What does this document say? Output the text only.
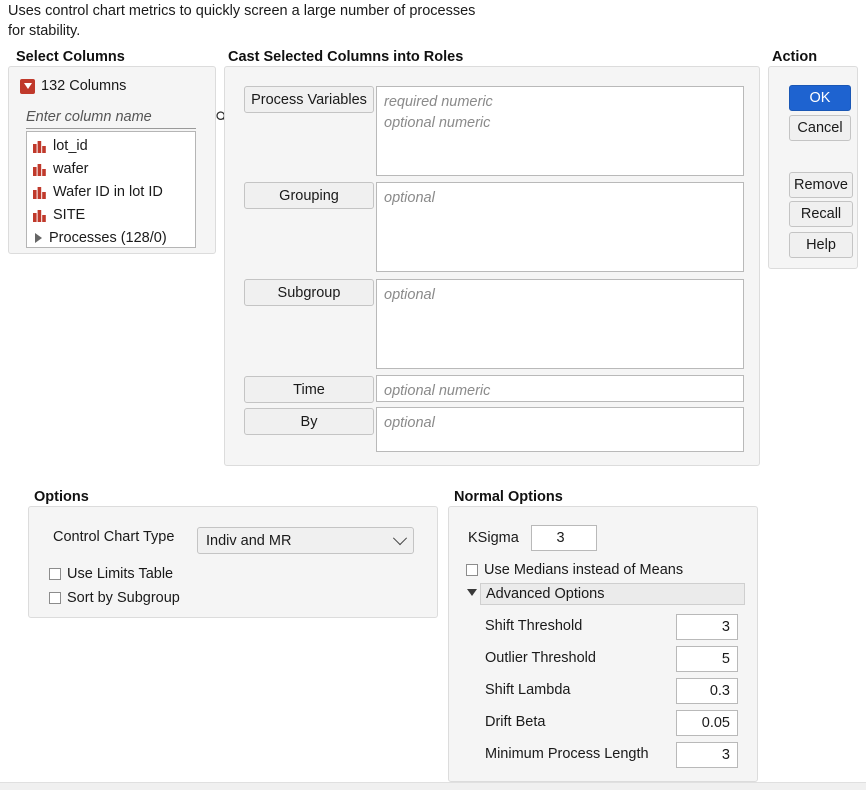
Uses control chart metrics to quickly screen a large number of processes for stability.
Select Columns
132 Columns
Enter column name
lot_id
wafer
Wafer ID in lot ID
SITE
Processes (128/0)
Cast Selected Columns into Roles
Process Variables	required numeric
optional numeric
Grouping	optional
Subgroup	optional
Time	optional numeric
By	optional
Action
OK
Cancel
Remove
Recall
Help
Options
Control Chart Type Indiv and MR
Use Limits Table
Sort by Subgroup
Normal Options
KSigma	3
Use Medians instead of Means
Advanced Options
Shift Threshold	3
Outlier Threshold	5
Shift Lambda	0.3
Drift Beta	0.05
Minimum Process Length	3
